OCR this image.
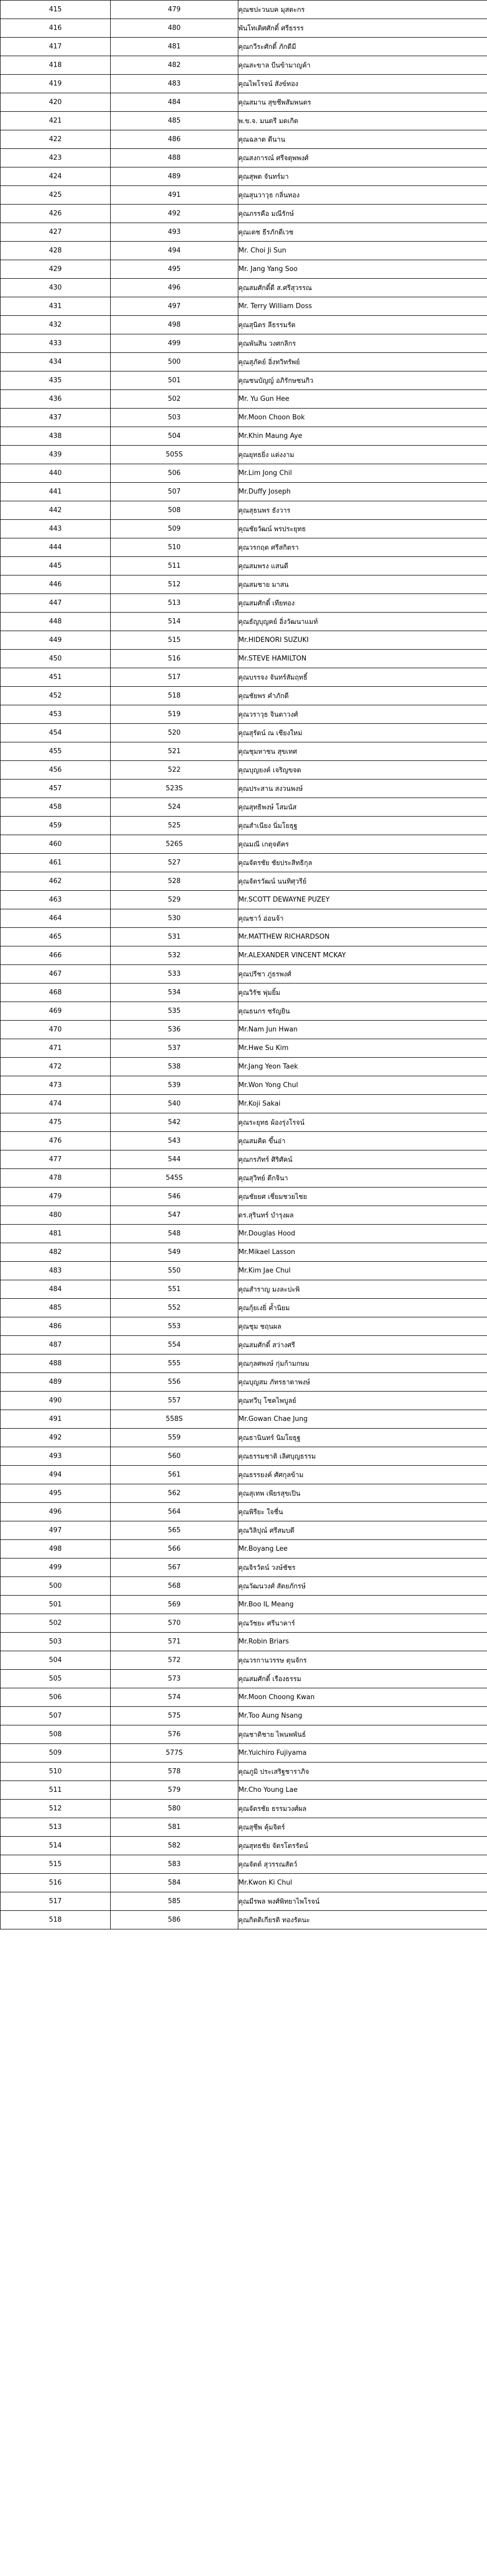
415	479	คุณชปะวนบค มุสดะกร
416	480	พันโทเติศศักดิ์ ศรีธรรร
417	481	คุณกวีระศักดิ์ ภักดีมี
418	482	คุณสะขาล บีนข้ามาญค้า
419	483	คุณไพโรจน์ สังข์ทอง
420	484	คุณสมาน สุขชีพสัมพนตร
421	485	พ.ข.จ. มนตรี มดเกิด
422	486	คุณฉลาด ดีนาน
423	488	คุณสงการณ์ ศรีจตุพพงศ์
424	489	คุณสุพต จันทร์มา
425	491	คุณสุนวาวุธ กลิ่นทอง
426	492	คุณภรรคือ มณีรักษ์
427	493	คุณเตช ธีรภักดีเวช
428	494	Mr. Choi Ji Sun
429	495	Mr. Jang Yang Soo
430	496	คุณสมศักดิ์ดี ส.ศรีสุวรรณ
431	497	Mr. Terry William Doss
432	498	คุณสุนิตร ลีธรรมรัต
433	499	คุณพันสิน วงศกลิกร
434	500	คุณสุภัคย์ อิ่งทวิทรัพย์
435	501	คุณชนบัญญ์ อภิรักษชนกิว
436	502	Mr. Yu Gun Hee
437	503	Mr.Moon Choon Bok
438	504	Mr.Khin Maung Aye
439	505S	คุณยุทธยิ่ง แต่งงาม
440	506	Mr.Lim Jong Chil
441	507	Mr.Duffy Joseph
442	508	คุณสุธนพร ธังวาร
443	509	คุณชัยวัฒน์ พรประยุทธ
444	510	คุณวรกฤต ศรีสกิตรา
445	511	คุณสมพรง แสนดี
446	512	คุณสมชาย มาสน
447	513	คุณสมศักดิ์ เทียทอง
448	514	คุณธัญบุญคย์ อิ่งวัฒนาแมท์
449	515	Mr.HIDENORI SUZUKI
450	516	Mr.STEVE HAMILTON
451	517	คุณบรรจง จันทร์สัมฤทธิ์
452	518	คุณชัยพร คำภักดี
453	519	คุณวราวุธ จินตาวงศ์
454	520	คุณสุรัตน์ ณ เชียงใหม่
455	521	คุณชุมหาชน สุขเทศ
456	522	คุณบุญยงค์ เจริญขจด
457	523S	คุณประสาน สงวนพงษ์
458	524	คุณสุทธิพงษ์ โสมนัส
459	525	คุณสำเนียง นิ่มโยธุฐ
460	526S	คุณมณี เกตุจตัคร
461	527	คุณจัตรชัย ชัยประสิทธิกุล
462	528	คุณจัตรวัฒน์ นนทิศุวรีย์
463	529	Mr.SCOTT DEWAYNE PUZEY
464	530	คุณชาว์ อ่อนจ้า
465	531	Mr.MATTHEW RICHARDSON
466	532	Mr.ALEXANDER VINCENT MCKAY
467	533	คุณปรีชา ภู่ธรพงศ์
468	534	คุณวิรัช พุ่มยิ้ม
469	535	คุณธนกร ชรัญยิน
470	536	Mr.Nam Jun Hwan
471	537	Mr.Hwe Su Kim
472	538	Mr.Jang Yeon Taek
473	539	Mr.Won Yong Chul
474	540	Mr.Koji Sakai
475	542	คุณระยุทธ ผ้องรุ่งโรจน์
476	543	คุณสมคิด ขึ้นอ่า
477	544	คุณกรภัทร์ ศิริศัคน์
478	545S	คุณสุวิทย์ ดีกจินา
479	546	คุณชัยยศ เชี่ยมชวยไชย
480	547	ดร.สุรินทร์ บำรุงผล
481	548	Mr.Douglas Hood
482	549	Mr.Mikael Lasson
483	550	Mr.Kim Jae Chul
484	551	คุณสำราญ มงละปะพิ
485	552	คุณกุ้ยเงยิ่ ค้ำนิยม
486	553	คุณชุม ชฤนผล
487	554	คุณสมศักดิ์ สว่างศรี
488	555	คุณกุลศพงษ์ กุ่มก้ามกษม
489	556	คุณบุญสม ภัทรธาดาพงษ์
490	557	คุณทวีบุ โชคไพบูลย์
491	558S	Mr.Gowan Chae Jung
492	559	คุณธานินทร์ นิมโยธุฐ
493	560	คุณธรรมชาติ เลิศบุญธรรม
494	561	คุณธรรยงค์ ศัศกุลข้าม
495	562	คุณสุเทพ เพียรสุขเปิน
496	564	คุณพิรียะ ใจชื่น
497	565	คุณวิลิปุณ์ ศรีสมบดี
498	566	Mr.Boyang Lee
499	567	คุณจิรวัตน์ วงษ์ชัชร
500	568	คุณวัฒนวงศ์ สัตยภักรษ์
501	569	Mr.Boo IL Meang
502	570	คุณวัชยะ ศรีนาคาร์
503	571	Mr.Robin Briars
504	572	คุณวรกานวรรษ ดุนจักร
505	573	คุณสมศักดิ์ เรืองธรรม
506	574	Mr.Moon Choong Kwan
507	575	Mr.Too Aung Nsang
508	576	คุณชาติชาย ไพนพพันธ์
509	577S	Mr.Yuichiro Fujiyama
510	578	คุณภูมิ ประเสริฐชาราภิจ
511	579	Mr.Cho Young Lae
512	580	คุณจัตรชัย ธรรมวงศ์ผล
513	581	คุณสุชีพ คุ้มจิตร์
514	582	คุณสุทธชัย จัตรโตรรัตน์
515	583	คุณจัตต์ สุวรรณสัตว์
516	584	Mr.Kwon Ki Chul
517	585	คุณมีรพล พงศ์พิทยาไพโรจน์
518	586	คุณกิตติเกียรติ ทองรัตนะ
